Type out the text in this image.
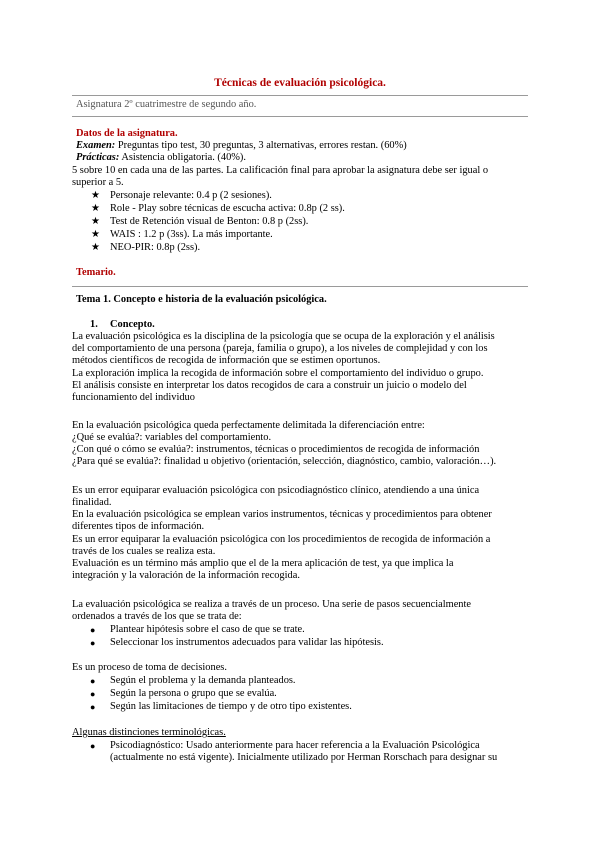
Técnicas de evaluación psicológica.
Asignatura 2º cuatrimestre de segundo año.
Datos de la asignatura.
Examen: Preguntas tipo test, 30 preguntas, 3 alternativas, errores restan. (60%)
Prácticas: Asistencia obligatoria. (40%).
5 sobre 10 en cada una de las partes. La calificación final para aprobar la asignatura debe ser igual o
superior a 5.
★ Personaje relevante: 0.4 p (2 sesiones).
★ Role - Play sobre técnicas de escucha activa: 0.8p (2 ss).
★ Test de Retención visual de Benton: 0.8 p (2ss).
★ WAIS : 1.2 p (3ss). La más importante.
★ NEO-PIR: 0.8p (2ss).
Temario.
Tema 1. Concepto e historia de la evaluación psicológica.
1. Concepto.
La evaluación psicológica es la disciplina de la psicología que se ocupa de la exploración y el análisis
del comportamiento de una persona (pareja, familia o grupo), a los niveles de complejidad y con los
métodos científicos de recogida de información que se estimen oportunos.
La exploración implica la recogida de información sobre el comportamiento del individuo o grupo.
El análisis consiste en interpretar los datos recogidos de cara a construir un juicio o modelo del
funcionamiento del individuo
En la evaluación psicológica queda perfectamente delimitada la diferenciación entre:
¿Qué se evalúa?: variables del comportamiento.
¿Con qué o cómo se evalúa?: instrumentos, técnicas o procedimientos de recogida de información
¿Para qué se evalúa?: finalidad u objetivo (orientación, selección, diagnóstico, cambio, valoración…).
Es un error equiparar evaluación psicológica con psicodiagnóstico clínico, atendiendo a una única
finalidad.
En la evaluación psicológica se emplean varios instrumentos, técnicas y procedimientos para obtener
diferentes tipos de información.
Es un error equiparar la evaluación psicológica con los procedimientos de recogida de información a
través de los cuales se realiza esta.
Evaluación es un término más amplio que el de la mera aplicación de test, ya que implica la
integración y la valoración de la información recogida.
La evaluación psicológica se realiza a través de un proceso. Una serie de pasos secuencialmente
ordenados a través de los que se trata de:
●	Plantear hipótesis sobre el caso de que se trate.
●	Seleccionar los instrumentos adecuados para validar las hipótesis.
Es un proceso de toma de decisiones.
●	Según el problema y la demanda planteados.
●	Según la persona o grupo que se evalúa.
●	Según las limitaciones de tiempo y de otro tipo existentes.
Algunas distinciones terminológicas.
●	Psicodiagnóstico: Usado anteriormente para hacer referencia a la Evaluación Psicológica
(actualmente no está vigente). Inicialmente utilizado por Herman Rorschach para designar su
